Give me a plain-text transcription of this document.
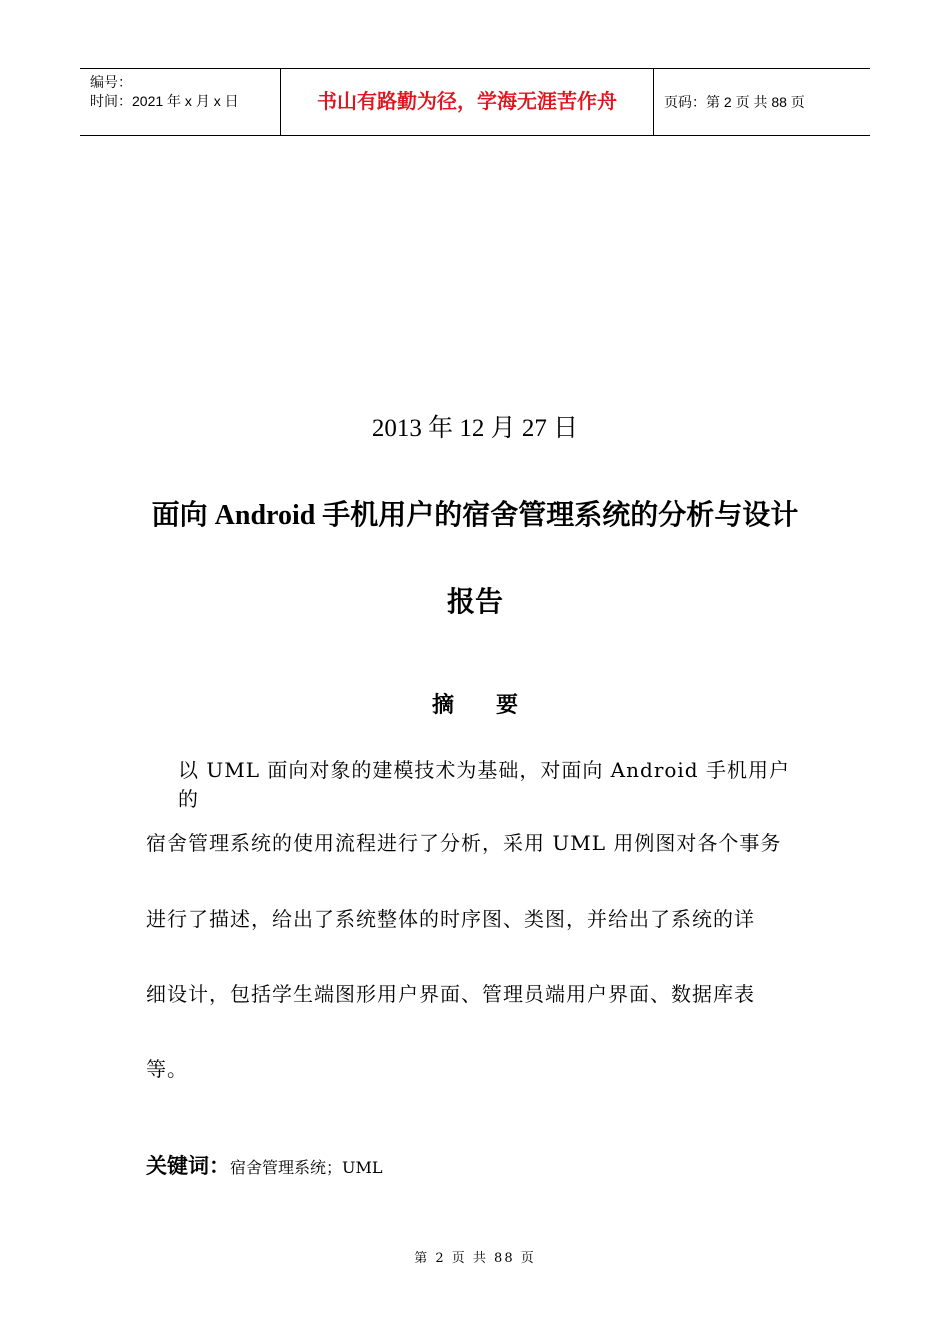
编号：
时间：2021 年 x 月 x 日	书山有路勤为径，学海无涯苦作舟	页码：第 2 页 共 88 页
2013 年 12 月 27 日
面向 Android 手机用户的宿舍管理系统的分析与设计
报告
摘 要
以 UML 面向对象的建模技术为基础，对面向 Android 手机用户的
宿舍管理系统的使用流程进行了分析，采用 UML 用例图对各个事务
进行了描述，给出了系统整体的时序图、类图，并给出了系统的详
细设计，包括学生端图形用户界面、管理员端用户界面、数据库表
等。
关键词：宿舍管理系统；UML
第 2 页 共 88 页
